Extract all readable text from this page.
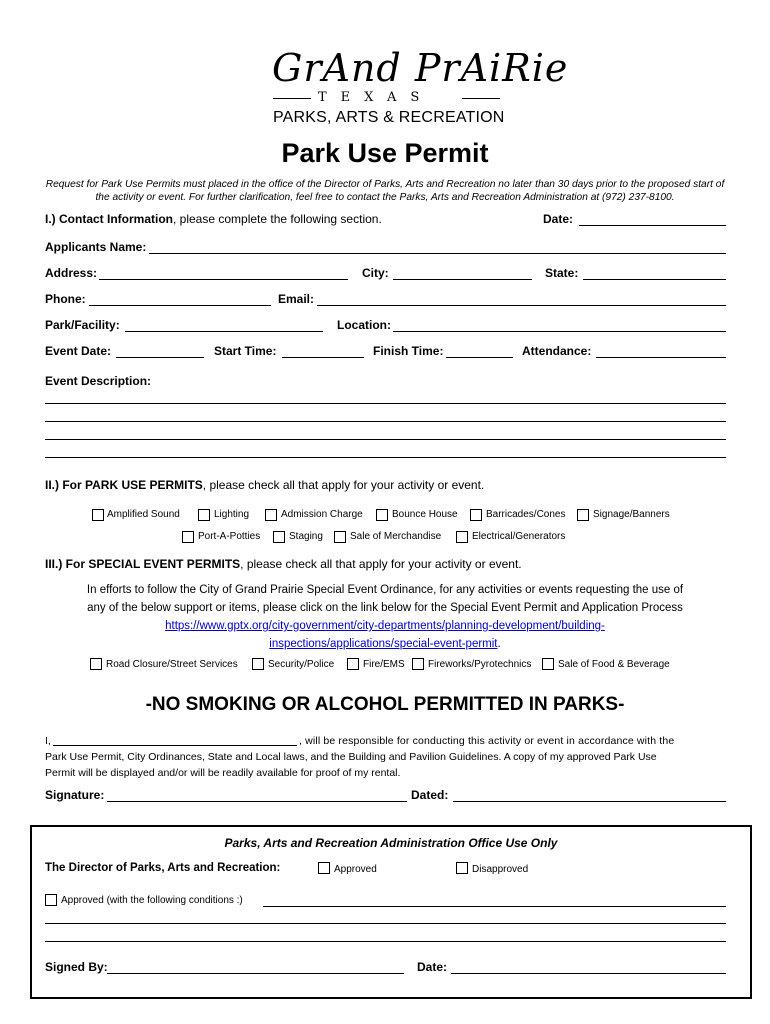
GrAnd PrAiRie
TEXAS
PARKS, ARTS & RECREATION
Park Use Permit
Request for Park Use Permits must placed in the office of the Director of Parks, Arts and Recreation no later than 30 days prior to the proposed start of the activity or event. For further clarification, feel free to contact the Parks, Arts and Recreation Administration at (972) 237-8100.
I.) Contact Information, please complete the following section.	Date:
Applicants Name:
Address:	City:	State:
Phone:	Email:
Park/Facility:	Location:
Event Date:	Start Time:	Finish Time:	Attendance:
Event Description:
II.) For PARK USE PERMITS, please check all that apply for your activity or event.
Amplified Sound	Lighting	Admission Charge	Bounce House	Barricades/Cones	Signage/Banners
Port-A-Potties	Staging	Sale of Merchandise	Electrical/Generators
III.) For SPECIAL EVENT PERMITS, please check all that apply for your activity or event.
In efforts to follow the City of Grand Prairie Special Event Ordinance, for any activities or events requesting the use of
any of the below support or items, please click on the link below for the Special Event Permit and Application Process
https://www.gptx.org/city-government/city-departments/planning-development/building-
inspections/applications/special-event-permit.
Road Closure/Street Services	Security/Police	Fire/EMS Fireworks/Pyrotechnics	Sale of Food & Beverage
-NO SMOKING OR ALCOHOL PERMITTED IN PARKS-
I,	, will be responsible for conducting this activity or event in accordance with the
Park Use Permit, City Ordinances, State and Local laws, and the Building and Pavilion Guidelines. A copy of my approved Park Use
Permit will be displayed and/or will be readily available for proof of my rental.
Signature:	Dated:
Parks, Arts and Recreation Administration Office Use Only
The Director of Parks, Arts and Recreation:	Approved	Disapproved
Approved (with the following conditions :)
Signed By:	Date:
